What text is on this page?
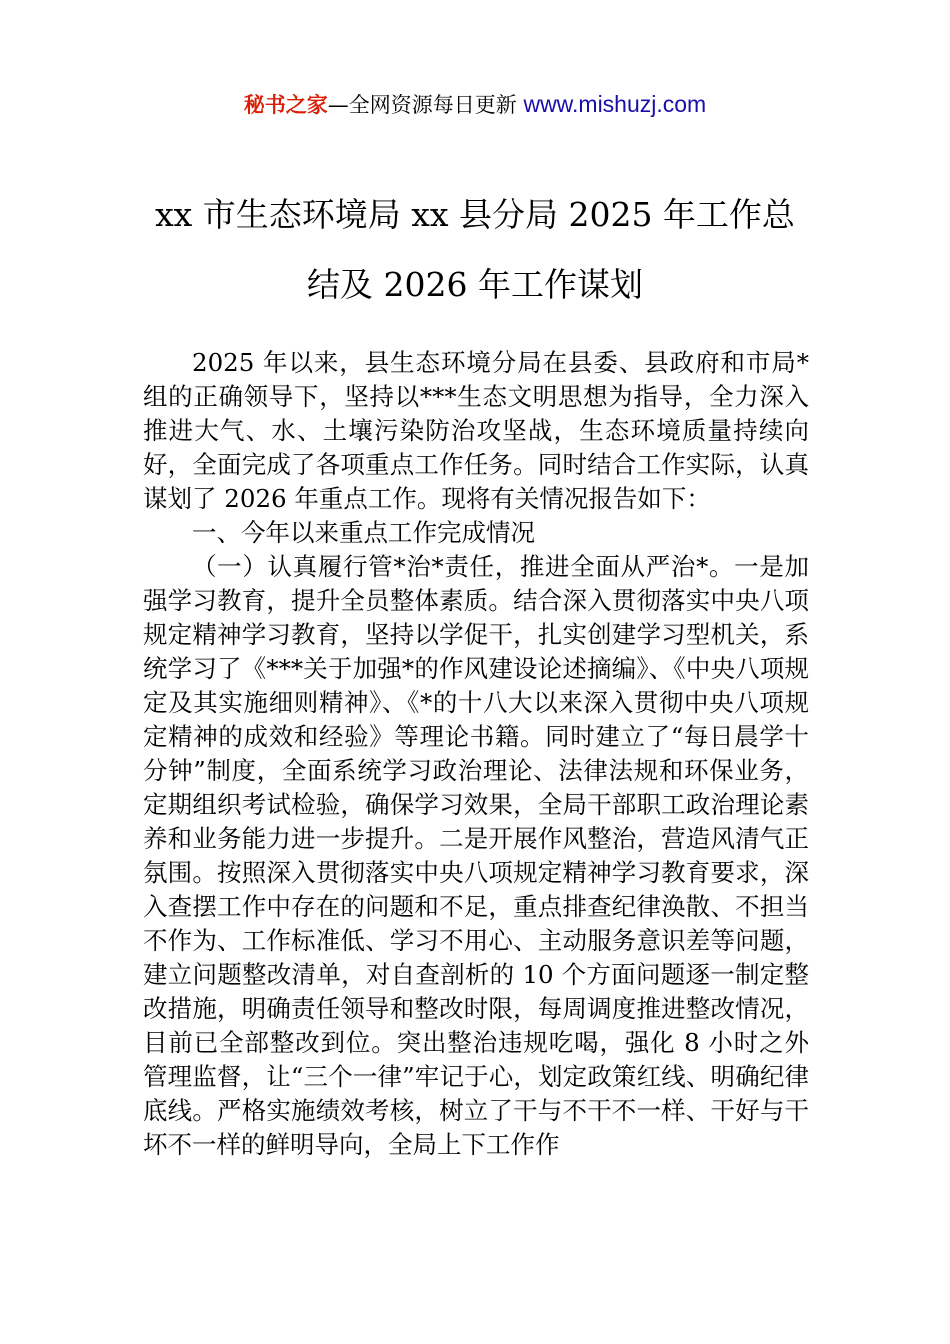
秘书之家—全网资源每日更新 www.mishuzj.com
xx 市生态环境局 xx 县分局 2025 年工作总
结及 2026 年工作谋划

2025 年以来，县生态环境分局在县委、县政府和市局*组的正确领导下，坚持以***生态文明思想为指导，全力深入推进大气、水、土壤污染防治攻坚战，生态环境质量持续向好，全面完成了各项重点工作任务。同时结合工作实际，认真谋划了 2026 年重点工作。现将有关情况报告如下：

一、今年以来重点工作完成情况

（一）认真履行管*治*责任，推进全面从严治*。一是加强学习教育，提升全员整体素质。结合深入贯彻落实中央八项规定精神学习教育，坚持以学促干，扎实创建学习型机关，系统学习了《***关于加强*的作风建设论述摘编》、《中央八项规定及其实施细则精神》、《*的十八大以来深入贯彻中央八项规定精神的成效和经验》等理论书籍。同时建立了“每日晨学十分钟”制度，全面系统学习政治理论、法律法规和环保业务，定期组织考试检验，确保学习效果，全局干部职工政治理论素养和业务能力进一步提升。二是开展作风整治，营造风清气正氛围。按照深入贯彻落实中央八项规定精神学习教育要求，深入查摆工作中存在的问题和不足，重点排查纪律涣散、不担当不作为、工作标准低、学习不用心、主动服务意识差等问题，建立问题整改清单，对自查剖析的 10 个方面问题逐一制定整改措施，明确责任领导和整改时限，每周调度推进整改情况，目前已全部整改到位。突出整治违规吃喝，强化 8 小时之外管理监督，让“三个一律”牢记于心，划定政策红线、明确纪律底线。严格实施绩效考核，树立了干与不干不一样、干好与干坏不一样的鲜明导向，全局上下工作作
